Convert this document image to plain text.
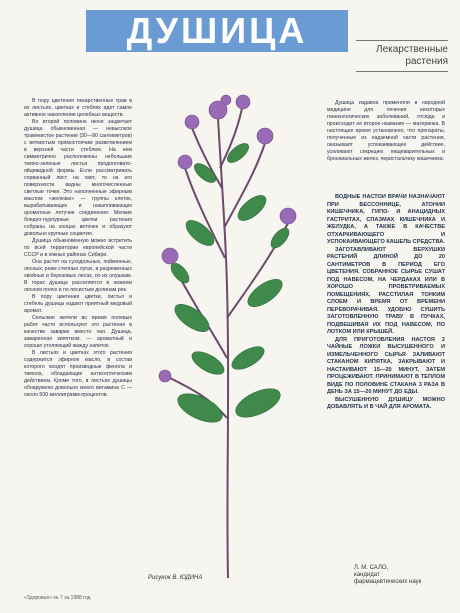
ДУШИЦА	Лекарственные
растения

В пору цветения лекарственных трав в их листьях, цветках и стеблях идет самое активное накопление целебных веществ.

Во второй половине июня зацветает душица обыкновенная — невысокое травянистое растение (30—90 сантиметров) с ветвистым прямостоячим разветвлением в верхней части стеблем. На нем симметрично расположены небольшие темно-зеленые листья продолговато-яйцевидной формы. Если рассматривать сорванный лист на свет, то на его поверхности видны многочисленные светлые точки. Это наполненные эфирным маслом «железки» — группы клеток, вырабатывающих и накапливающих ароматные летучие соединения. Мелкие бледно-пурпурные цветки растения собраны на концах веточек и образуют довольно крупные соцветия.

Душица обыкновенную можно встретить по всей территории европейской части СССР и в южных районах Сибири.

Она растет на суходольных, пойменных, лесных, реже степных лугах, в разреженных хвойных и березовых лесах, по их опушкам. В горах душица расселяется в нижнем лесном поясе и по лесистым долинам рек.

В пору цветения цветки, листья и стебель душицы издают приятный медовый аромат.

Сельские жители во время полевых работ часто используют это растение в качестве заварки вместо чая. Душица, заваренная кипятком, — ароматный и хорошо утоляющий жажду напиток.

В листьях и цветках этого растения содержится эфирное масло, в состав которого входят производные фенола и тимола, обладающие антисептическим действием. Кроме того, в листьях душицы обнаружено довольно много витамина С — около 500 миллиграмм-процентов.

Душица издавна применяли в народной медицине для лечения некоторых гинекологических заболеваний, отсюда и происходит ее второе название — материнка. В настоящее время установлено, что препараты, полученные из надземной части растения, оказывают успокаивающее действие, усиливают секрецию пищеварительных и бронхиальных желез, перистальтику кишечника.

ВОДНЫЕ НАСТОИ ВРАЧИ НАЗНАЧАЮТ ПРИ БЕССОННИЦЕ, АТОНИИ КИШЕЧНИКА, ГИПО- И АНАЦИДНЫХ ГАСТРИТАХ, СПАЗМАХ КИШЕЧНИКА И ЖЕЛУДКА, А ТАКЖЕ В КАЧЕСТВЕ ОТХАРКИВАЮЩЕГО И УСПОКАИВАЮЩЕГО КАШЕЛЬ СРЕДСТВА.

ЗАГОТАВЛИВАЮТ ВЕРХУШКИ РАСТЕНИЙ ДЛИНОЙ ДО 20 САНТИМЕТРОВ В ПЕРИОД ЕГО ЦВЕТЕНИЯ. СОБРАННОЕ СЫРЬЕ СУШАТ ПОД НАВЕСОМ, НА ЧЕРДАКАХ ИЛИ В ХОРОШО ПРОВЕТРИВАЕМЫХ ПОМЕЩЕНИЯХ, РАССТИЛАЯ ТОНКИМ СЛОЕМ И ВРЕМЯ ОТ ВРЕМЕНИ ПЕРЕВОРАЧИВАЯ. УДОБНО СУШИТЬ ЗАГОТОВЛЕННУЮ ТРАВУ В ПУЧКАХ, ПОДВЕШИВАЯ ИХ ПОД НАВЕСОМ, ПО ЛОТКОМ ИЛИ КРЫШЕЙ.

ДЛЯ ПРИГОТОВЛЕНИЯ НАСТОЯ 2 ЧАЙНЫЕ ЛОЖКИ ВЫСУШЕННОГО И ИЗМЕЛЬЧЕННОГО СЫРЬЯ ЗАЛИВАЮТ СТАКАНОМ КИПЯТКА, ЗАКРЫВАЮТ И НАСТАИВАЮТ 15—20 МИНУТ, ЗАТЕМ ПРОЦЕЖИВАЮТ. ПРИНИМАЮТ В ТЕПЛОМ ВИДЕ ПО ПОЛОВИНЕ СТАКАНА 3 РАЗА В ДЕНЬ ЗА 15—20 МИНУТ ДО ЕДЫ.

ВЫСУШЕННУЮ ДУШИЦУ МОЖНО ДОБАВЛЯТЬ И В ЧАЙ ДЛЯ АРОМАТА.

Рисунок В. ЮДИНА
Л. М. САЛО,
кандидат
фармацевтических наук
«Здоровье» № 7 за 1988 год
